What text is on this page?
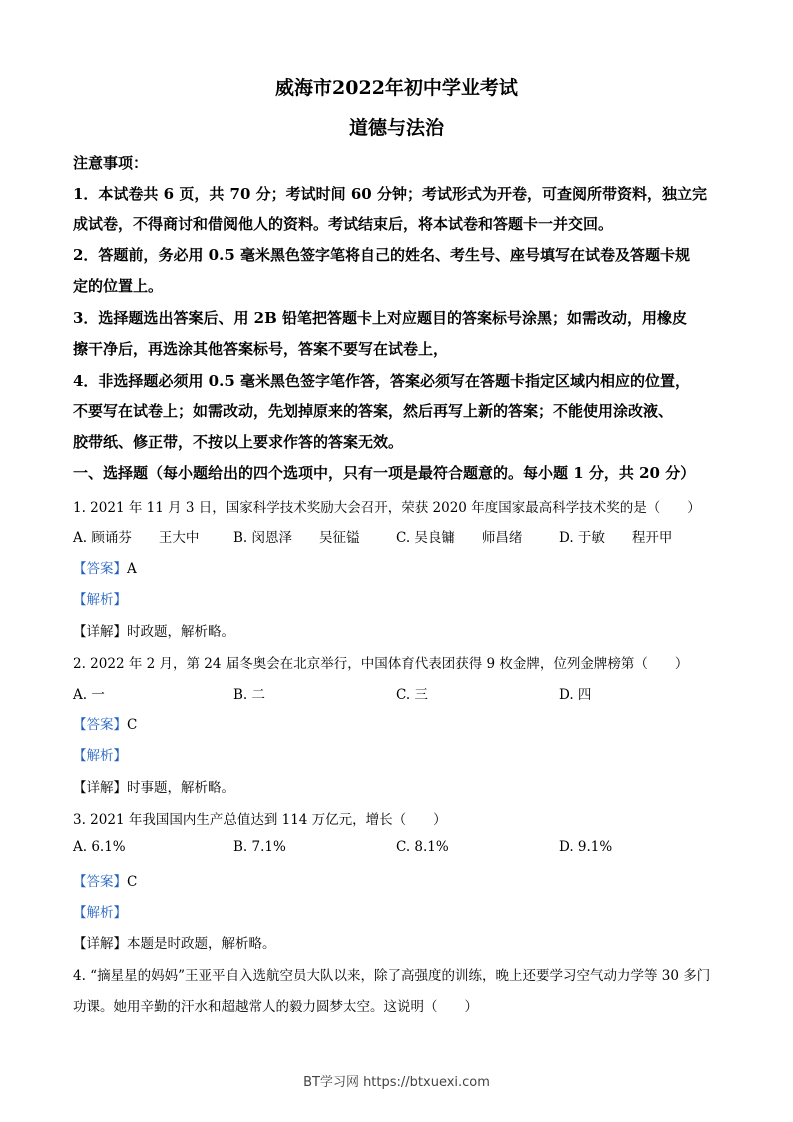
威海市2022年初中学业考试
道德与法治
注意事项：
1．本试卷共 6 页，共 70 分；考试时间 60 分钟；考试形式为开卷，可查阅所带资料，独立完
成试卷，不得商讨和借阅他人的资料。考试结束后，将本试卷和答题卡一并交回。
2．答题前，务必用 0.5 毫米黑色签字笔将自己的姓名、考生号、座号填写在试卷及答题卡规
定的位置上。
3．选择题选出答案后、用 2B 铅笔把答题卡上对应题目的答案标号涂黑；如需改动，用橡皮
擦干净后，再选涂其他答案标号，答案不要写在试卷上，
4．非选择题必须用 0.5 毫米黑色签字笔作答，答案必须写在答题卡指定区域内相应的位置，
不要写在试卷上；如需改动，先划掉原来的答案，然后再写上新的答案；不能使用涂改液、
胶带纸、修正带，不按以上要求作答的答案无效。
一、选择题（每小题给出的四个选项中，只有一项是最符合题意的。每小题 1 分，共 20 分）
1. 2021 年 11 月 3 日，国家科学技术奖励大会召开，荣获 2020 年度国家最高科学技术奖的是（　　）
A. 顾诵芬　　王大中 B. 闵恩泽　　吴征镒	C. 吴良镛　　师昌绪	D. 于敏　　程开甲
【答案】A
【解析】
【详解】时政题，解析略。
2. 2022 年 2 月，第 24 届冬奥会在北京举行，中国体育代表团获得 9 枚金牌，位列金牌榜第（　　）
A. 一	B. 二	C. 三	D. 四
【答案】C
【解析】
【详解】时事题，解析略。
3. 2021 年我国国内生产总值达到 114 万亿元，增长（　　）
A. 6.1%	B. 7.1%	C. 8.1%	D. 9.1%
【答案】C
【解析】
【详解】本题是时政题，解析略。
4. “摘星星的妈妈”王亚平自入选航空员大队以来，除了高强度的训练，晚上还要学习空气动力学等 30 多门
功课。她用辛勤的汗水和超越常人的毅力圆梦太空。这说明（　　）
BT学习网 https://btxuexi.com
